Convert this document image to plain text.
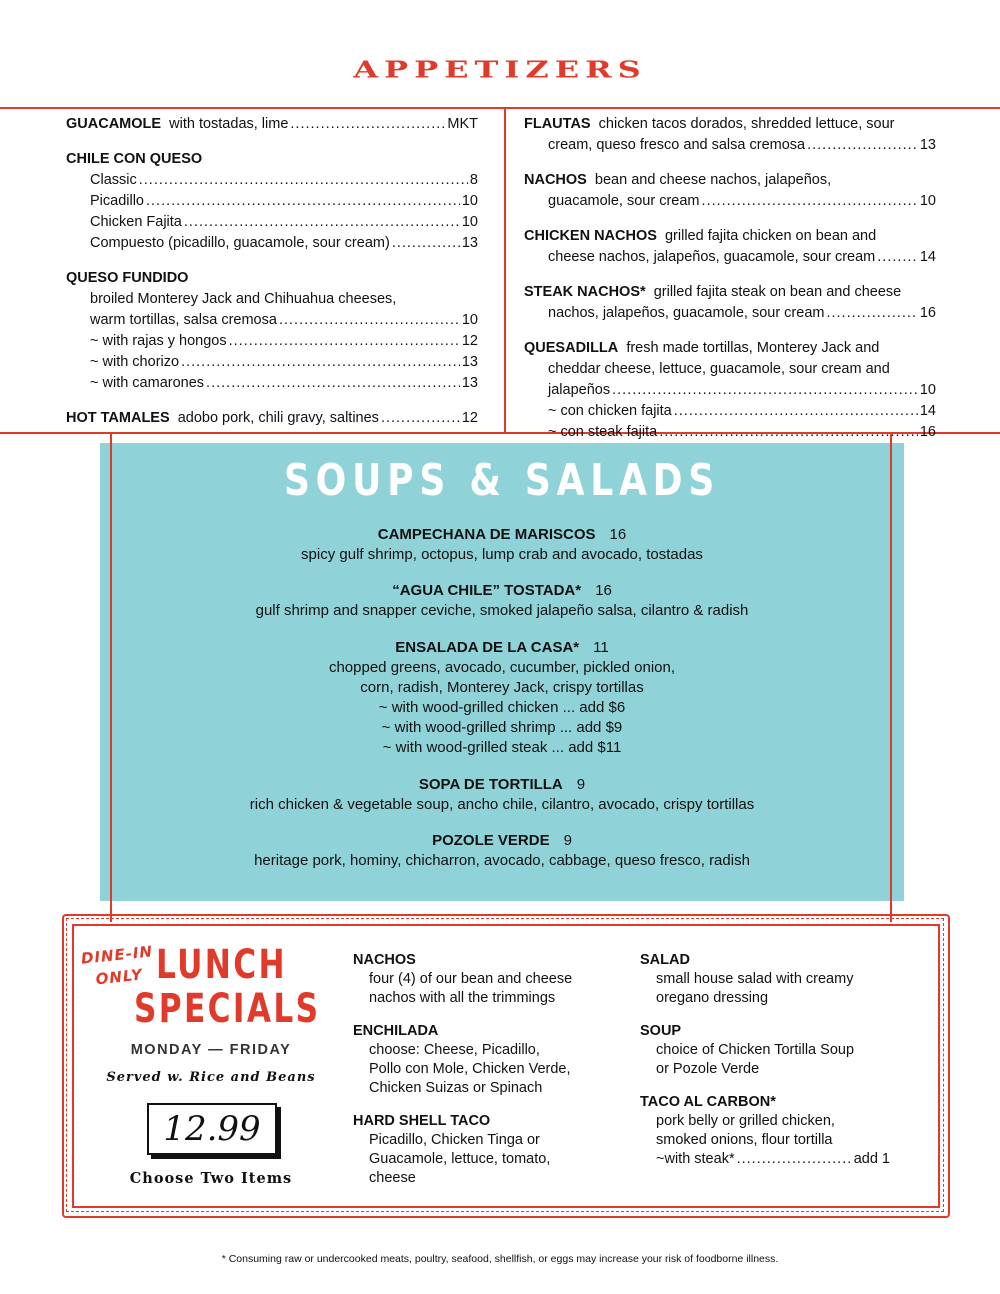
APPETIZERS
GUACAMOLE with tostadas, lime .....	MKT
CHILE CON QUESO
Classic .....	8
Picadillo .....	10
Chicken Fajita .....	10
Compuesto (picadillo, guacamole, sour cream) .....	13
QUESO FUNDIDO
broiled Monterey Jack and Chihuahua cheeses,
warm tortillas, salsa cremosa .....	10
~ with rajas y hongos .....	12
~ with chorizo .....	13
~ with camarones .....	13
HOT TAMALES adobo pork, chili gravy, saltines .....	12
FLAUTAS chicken tacos dorados, shredded lettuce, sour
cream, queso fresco and salsa cremosa .....	13
NACHOS bean and cheese nachos, jalapeños,
guacamole, sour cream .....	10
CHICKEN NACHOS grilled fajita chicken on bean and
cheese nachos, jalapeños, guacamole, sour cream .....	14
STEAK NACHOS* grilled fajita steak on bean and cheese
nachos, jalapeños, guacamole, sour cream .....	16
QUESADILLA fresh made tortillas, Monterey Jack and
cheddar cheese, lettuce, guacamole, sour cream and
jalapeños .....	10
~ con chicken fajita .....	14
~ con steak fajita .....	16
SOUPS & SALADS
CAMPECHANA DE MARISCOS 16
spicy gulf shrimp, octopus, lump crab and avocado, tostadas
“AGUA CHILE” TOSTADA* 16
gulf shrimp and snapper ceviche, smoked jalapeño salsa, cilantro & radish
ENSALADA DE LA CASA* 11
chopped greens, avocado, cucumber, pickled onion,
corn, radish, Monterey Jack, crispy tortillas
~ with wood-grilled chicken ... add $6
~ with wood-grilled shrimp ... add $9
~ with wood-grilled steak ... add $11
SOPA DE TORTILLA 9
rich chicken & vegetable soup, ancho chile, cilantro, avocado, crispy tortillas
POZOLE VERDE 9
heritage pork, hominy, chicharron, avocado, cabbage, queso fresco, radish
DINE-IN
ONLY LUNCH
SPECIALS
MONDAY — FRIDAY
Served w. Rice and Beans
12.99
Choose Two Items
NACHOS
four (4) of our bean and cheese
nachos with all the trimmings
ENCHILADA
choose: Cheese, Picadillo,
Pollo con Mole, Chicken Verde,
Chicken Suizas or Spinach
HARD SHELL TACO
Picadillo, Chicken Tinga or
Guacamole, lettuce, tomato,
cheese
SALAD
small house salad with creamy
oregano dressing
SOUP
choice of Chicken Tortilla Soup
or Pozole Verde
TACO AL CARBON*
pork belly or grilled chicken,
smoked onions, flour tortilla
~with steak* .....	add 1
* Consuming raw or undercooked meats, poultry, seafood, shellfish, or eggs may increase your risk of foodborne illness.
